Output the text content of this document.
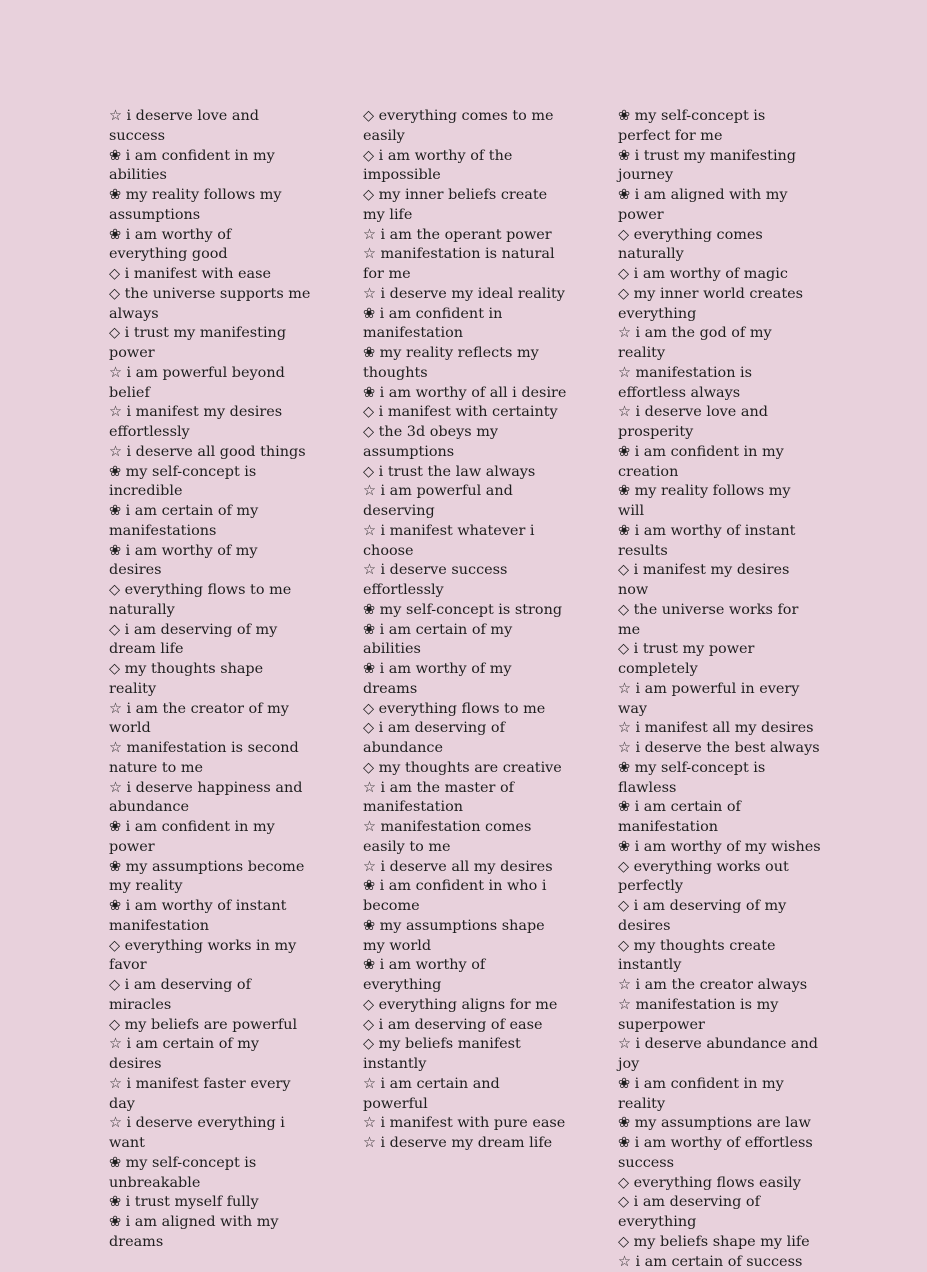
☆ i deserve love and success
❀ i am confident in my abilities
❀ my reality follows my assumptions
❀ i am worthy of everything good
◇ i manifest with ease
◇ the universe supports me always
◇ i trust my manifesting power
☆ i am powerful beyond belief
☆ i manifest my desires effortlessly
☆ i deserve all good things
❀ my self-concept is incredible
❀ i am certain of my manifestations
❀ i am worthy of my desires
◇ everything flows to me naturally
◇ i am deserving of my dream life
◇ my thoughts shape reality
☆ i am the creator of my world
☆ manifestation is second nature to me
☆ i deserve happiness and abundance
❀ i am confident in my power
❀ my assumptions become my reality
❀ i am worthy of instant manifestation
◇ everything works in my favor
◇ i am deserving of miracles
◇ my beliefs are powerful
☆ i am certain of my desires
☆ i manifest faster every day
☆ i deserve everything i want
❀ my self-concept is unbreakable
❀ i trust myself fully
❀ i am aligned with my dreams
◇ everything comes to me easily
◇ i am worthy of the impossible
◇ my inner beliefs create my life
☆ i am the operant power
☆ manifestation is natural for me
☆ i deserve my ideal reality
❀ i am confident in manifestation
❀ my reality reflects my thoughts
❀ i am worthy of all i desire
◇ i manifest with certainty
◇ the 3d obeys my assumptions
◇ i trust the law always
☆ i am powerful and deserving
☆ i manifest whatever i choose
☆ i deserve success effortlessly
❀ my self-concept is strong
❀ i am certain of my abilities
❀ i am worthy of my dreams
◇ everything flows to me
◇ i am deserving of abundance
◇ my thoughts are creative
☆ i am the master of manifestation
☆ manifestation comes easily to me
☆ i deserve all my desires
❀ i am confident in who i become
❀ my assumptions shape my world
❀ i am worthy of everything
◇ everything aligns for me
◇ i am deserving of ease
◇ my beliefs manifest instantly
☆ i am certain and powerful
☆ i manifest with pure ease
☆ i deserve my dream life
❀ my self-concept is perfect for me
❀ i trust my manifesting journey
❀ i am aligned with my power
◇ everything comes naturally
◇ i am worthy of magic
◇ my inner world creates everything
☆ i am the god of my reality
☆ manifestation is effortless always
☆ i deserve love and prosperity
❀ i am confident in my creation
❀ my reality follows my will
❀ i am worthy of instant results
◇ i manifest my desires now
◇ the universe works for me
◇ i trust my power completely
☆ i am powerful in every way
☆ i manifest all my desires
☆ i deserve the best always
❀ my self-concept is flawless
❀ i am certain of manifestation
❀ i am worthy of my wishes
◇ everything works out perfectly
◇ i am deserving of my desires
◇ my thoughts create instantly
☆ i am the creator always
☆ manifestation is my superpower
☆ i deserve abundance and joy
❀ i am confident in my reality
❀ my assumptions are law
❀ i am worthy of effortless success
◇ everything flows easily
◇ i am deserving of everything
◇ my beliefs shape my life
☆ i am certain of success
